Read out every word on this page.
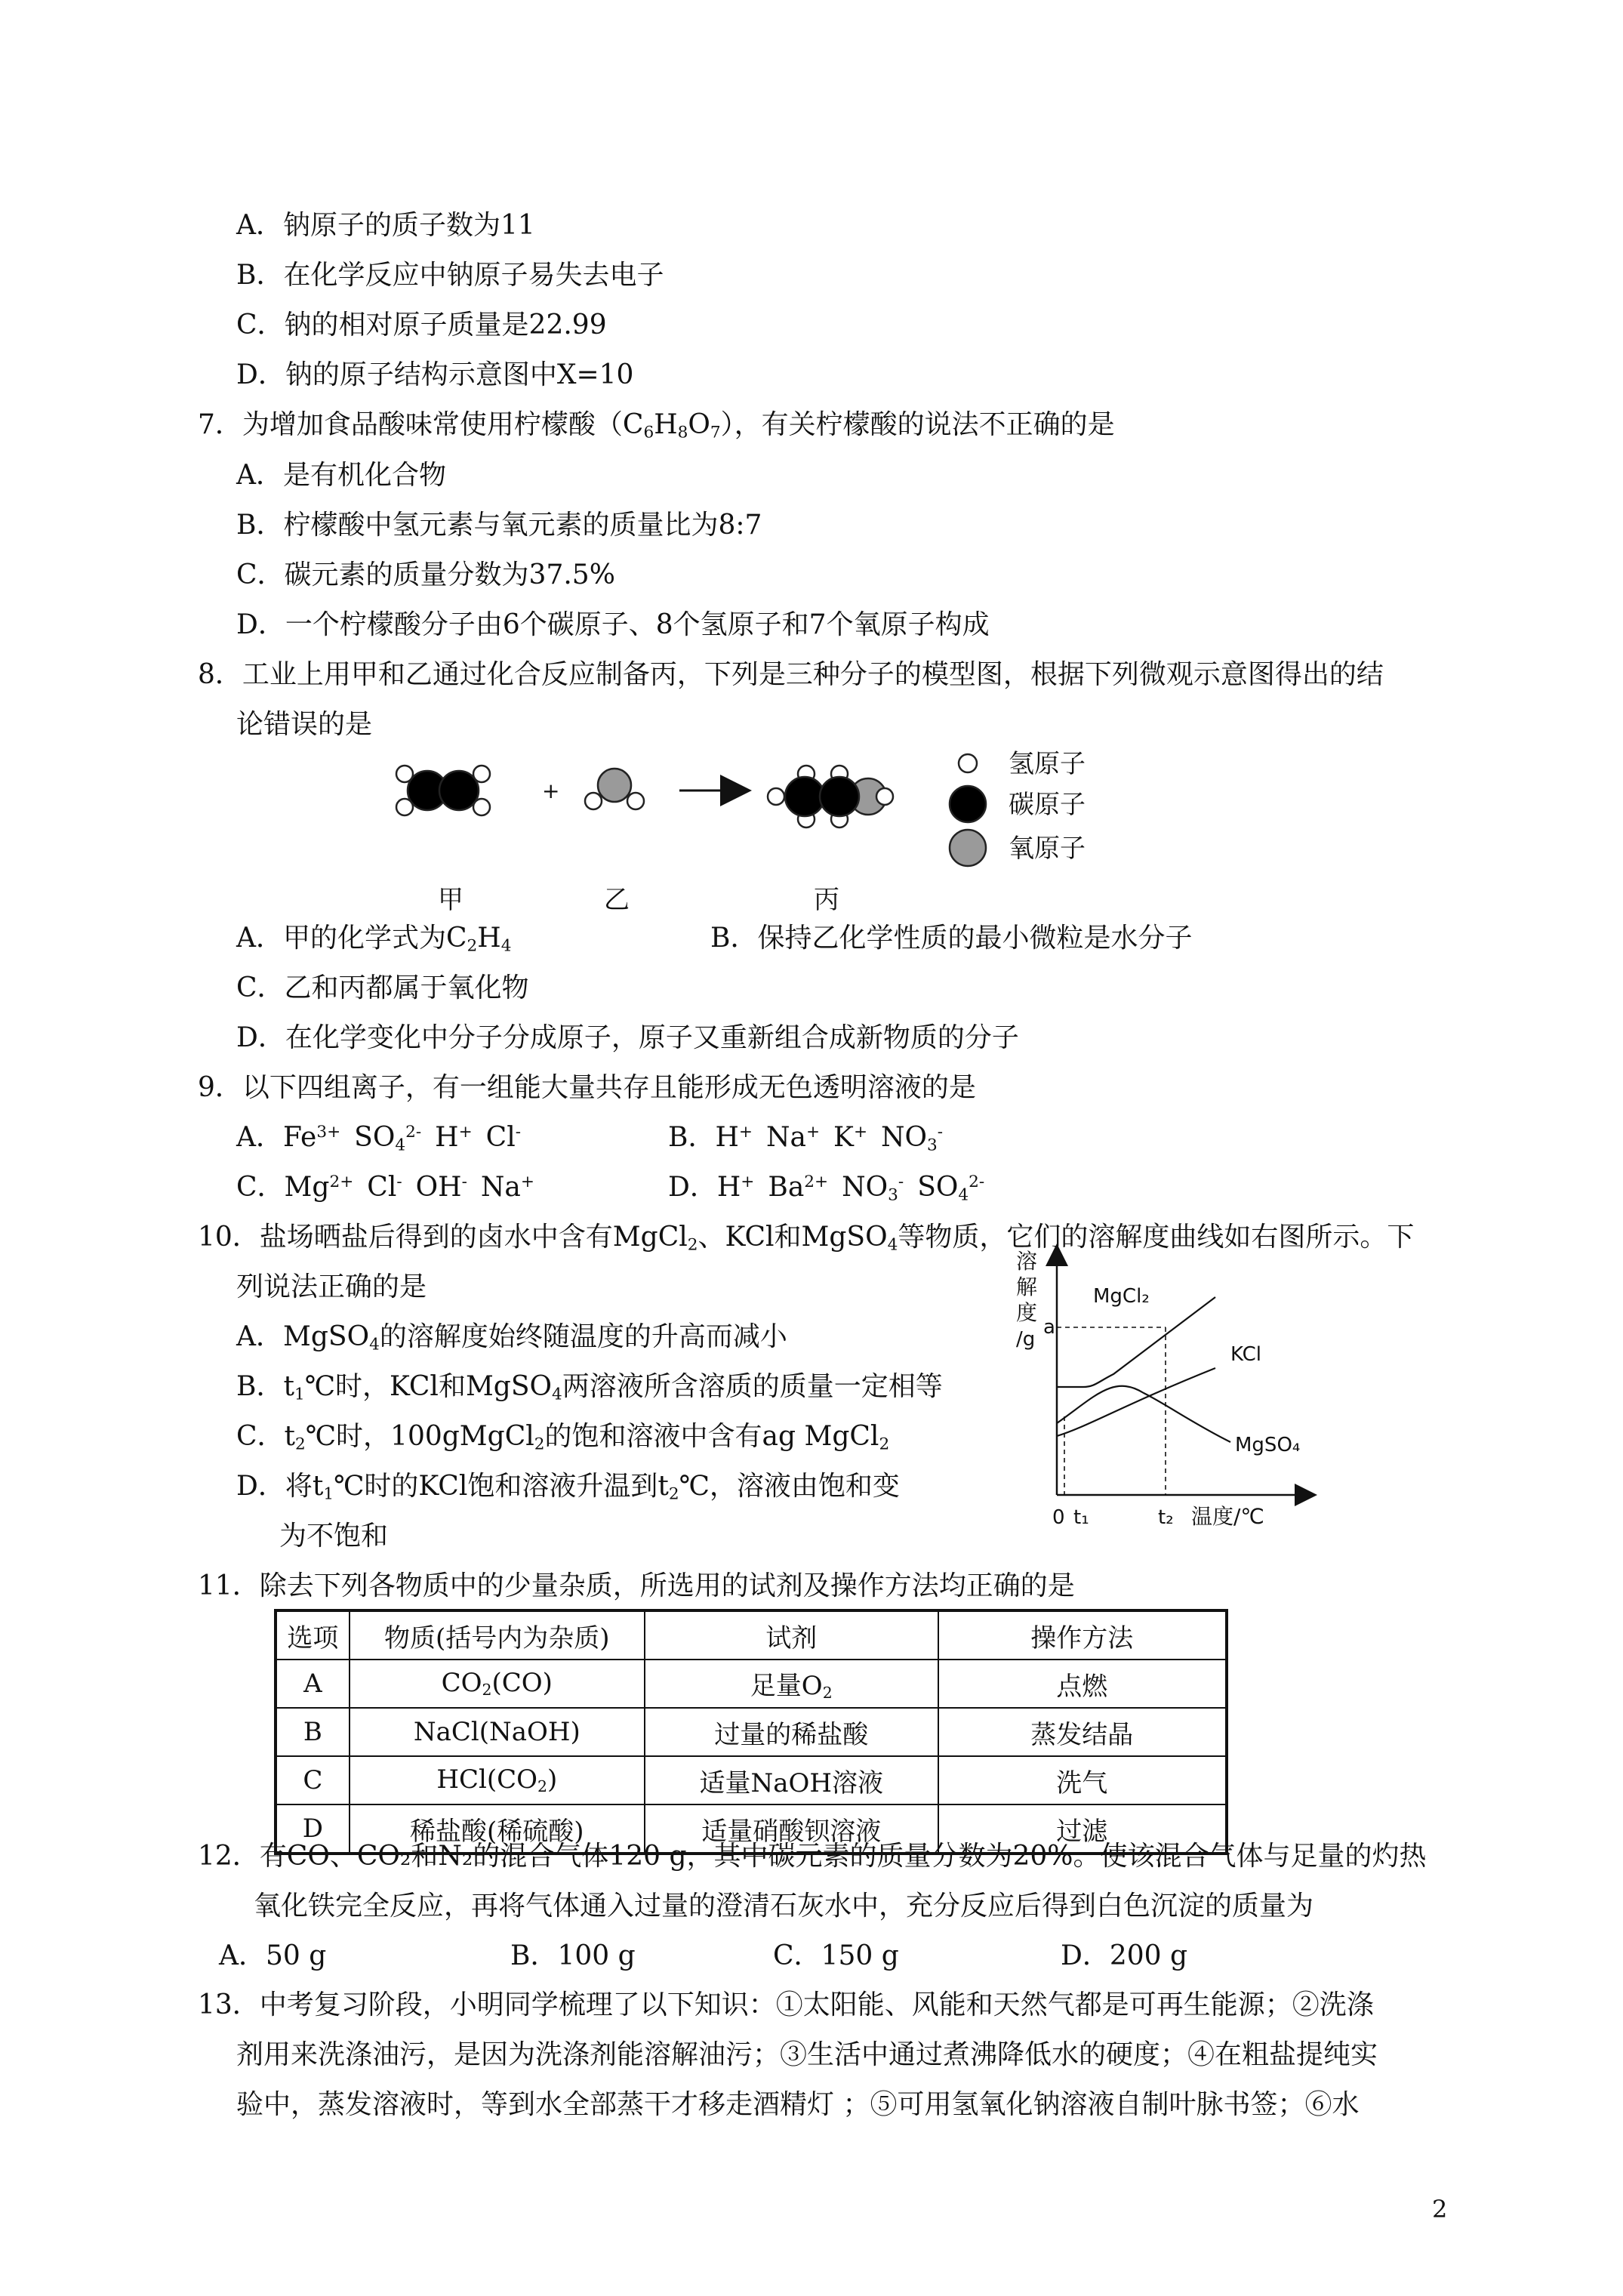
A．钠原子的质子数为11
B．在化学反应中钠原子易失去电子
C．钠的相对原子质量是22.99
D．钠的原子结构示意图中X=10
7．为增加食品酸味常使用柠檬酸$(C_6H_8O_7)$，有关柠檬酸的说法不正确的是
A．是有机化合物
B．柠檬酸中氢元素与氧元素的质量比为8:7
C．碳元素的质量分数为37.5%
D．一个柠檬酸分子由6个碳原子、8个氢原子和7个氧原子构成
8．工业上用甲和乙通过化合反应制备丙，下列是三种分子的模型图，根据下列微观示意图得出的结
论错误的是
+
氢原子
碳原子
氧原子
甲	乙	丙
A．甲的化学式为$C_2H_4$	B．保持乙化学性质的最小微粒是水分子
C．乙和丙都属于氧化物
D．在化学变化中分子分成原子，原子又重新组合成新物质的分子
9．以下四组离子，有一组能大量共存且能形成无色透明溶液的是
A．$Fe^{3+}$ $SO_4^{2-}$ H+ Cl-	B．H+ Na+ K+ $NO_3^-$
C．$Mg^{2+}$ Cl- OH- Na+	D．H+ $Ba^{2+}$ $NO_3^-$ $SO_4^{2-}$
10．盐场晒盐后得到的卤水中含有MgCl$_2$、KCl和MgSO$_4$等物质，它们的溶解度曲线如右图所示。下
列说法正确的是
A．MgSO$_4$的溶解度始终随温度的升高而减小
B．$t_1℃$时，KCl和MgSO$_4$两溶液所含溶质的质量一定相等
C．$t_2℃$时，100gMgCl$_2$的饱和溶液中含有ag MgCl$_2$
D．将$t_1℃$时的KCl饱和溶液升温到$t_2℃$，溶液由饱和变
为不饱和
溶
解
度
/g
a
MgCl₂
KCl
MgSO₄
0 t₁	t₂ 温度/℃
11．除去下列各物质中的少量杂质，所选用的试剂及操作方法均正确的是
选项	物质(括号内为杂质)	试剂	操作方法
A	$CO_2(CO)$	足量$O_2$	点燃
B	NaCl(NaOH)	过量的稀盐酸	蒸发结晶
C	$HCl(CO_2)$	适量NaOH溶液	洗气
D	稀盐酸(稀硫酸)	适量硝酸钡溶液	过滤
12．有CO、CO₂和N₂的混合气体120 g，其中碳元素的质量分数为20%。使该混合气体与足量的灼热
氧化铁完全反应，再将气体通入过量的澄清石灰水中，充分反应后得到白色沉淀的质量为
A．50 g	B．100 g	C．150 g	D．200 g
13．中考复习阶段，小明同学梳理了以下知识：①太阳能、风能和天然气都是可再生能源；②洗涤
剂用来洗涤油污，是因为洗涤剂能溶解油污；③生活中通过煮沸降低水的硬度；④在粗盐提纯实
验中，蒸发溶液时，等到水全部蒸干才移走酒精灯 ；⑤可用氢氧化钠溶液自制叶脉书签；⑥水
2
